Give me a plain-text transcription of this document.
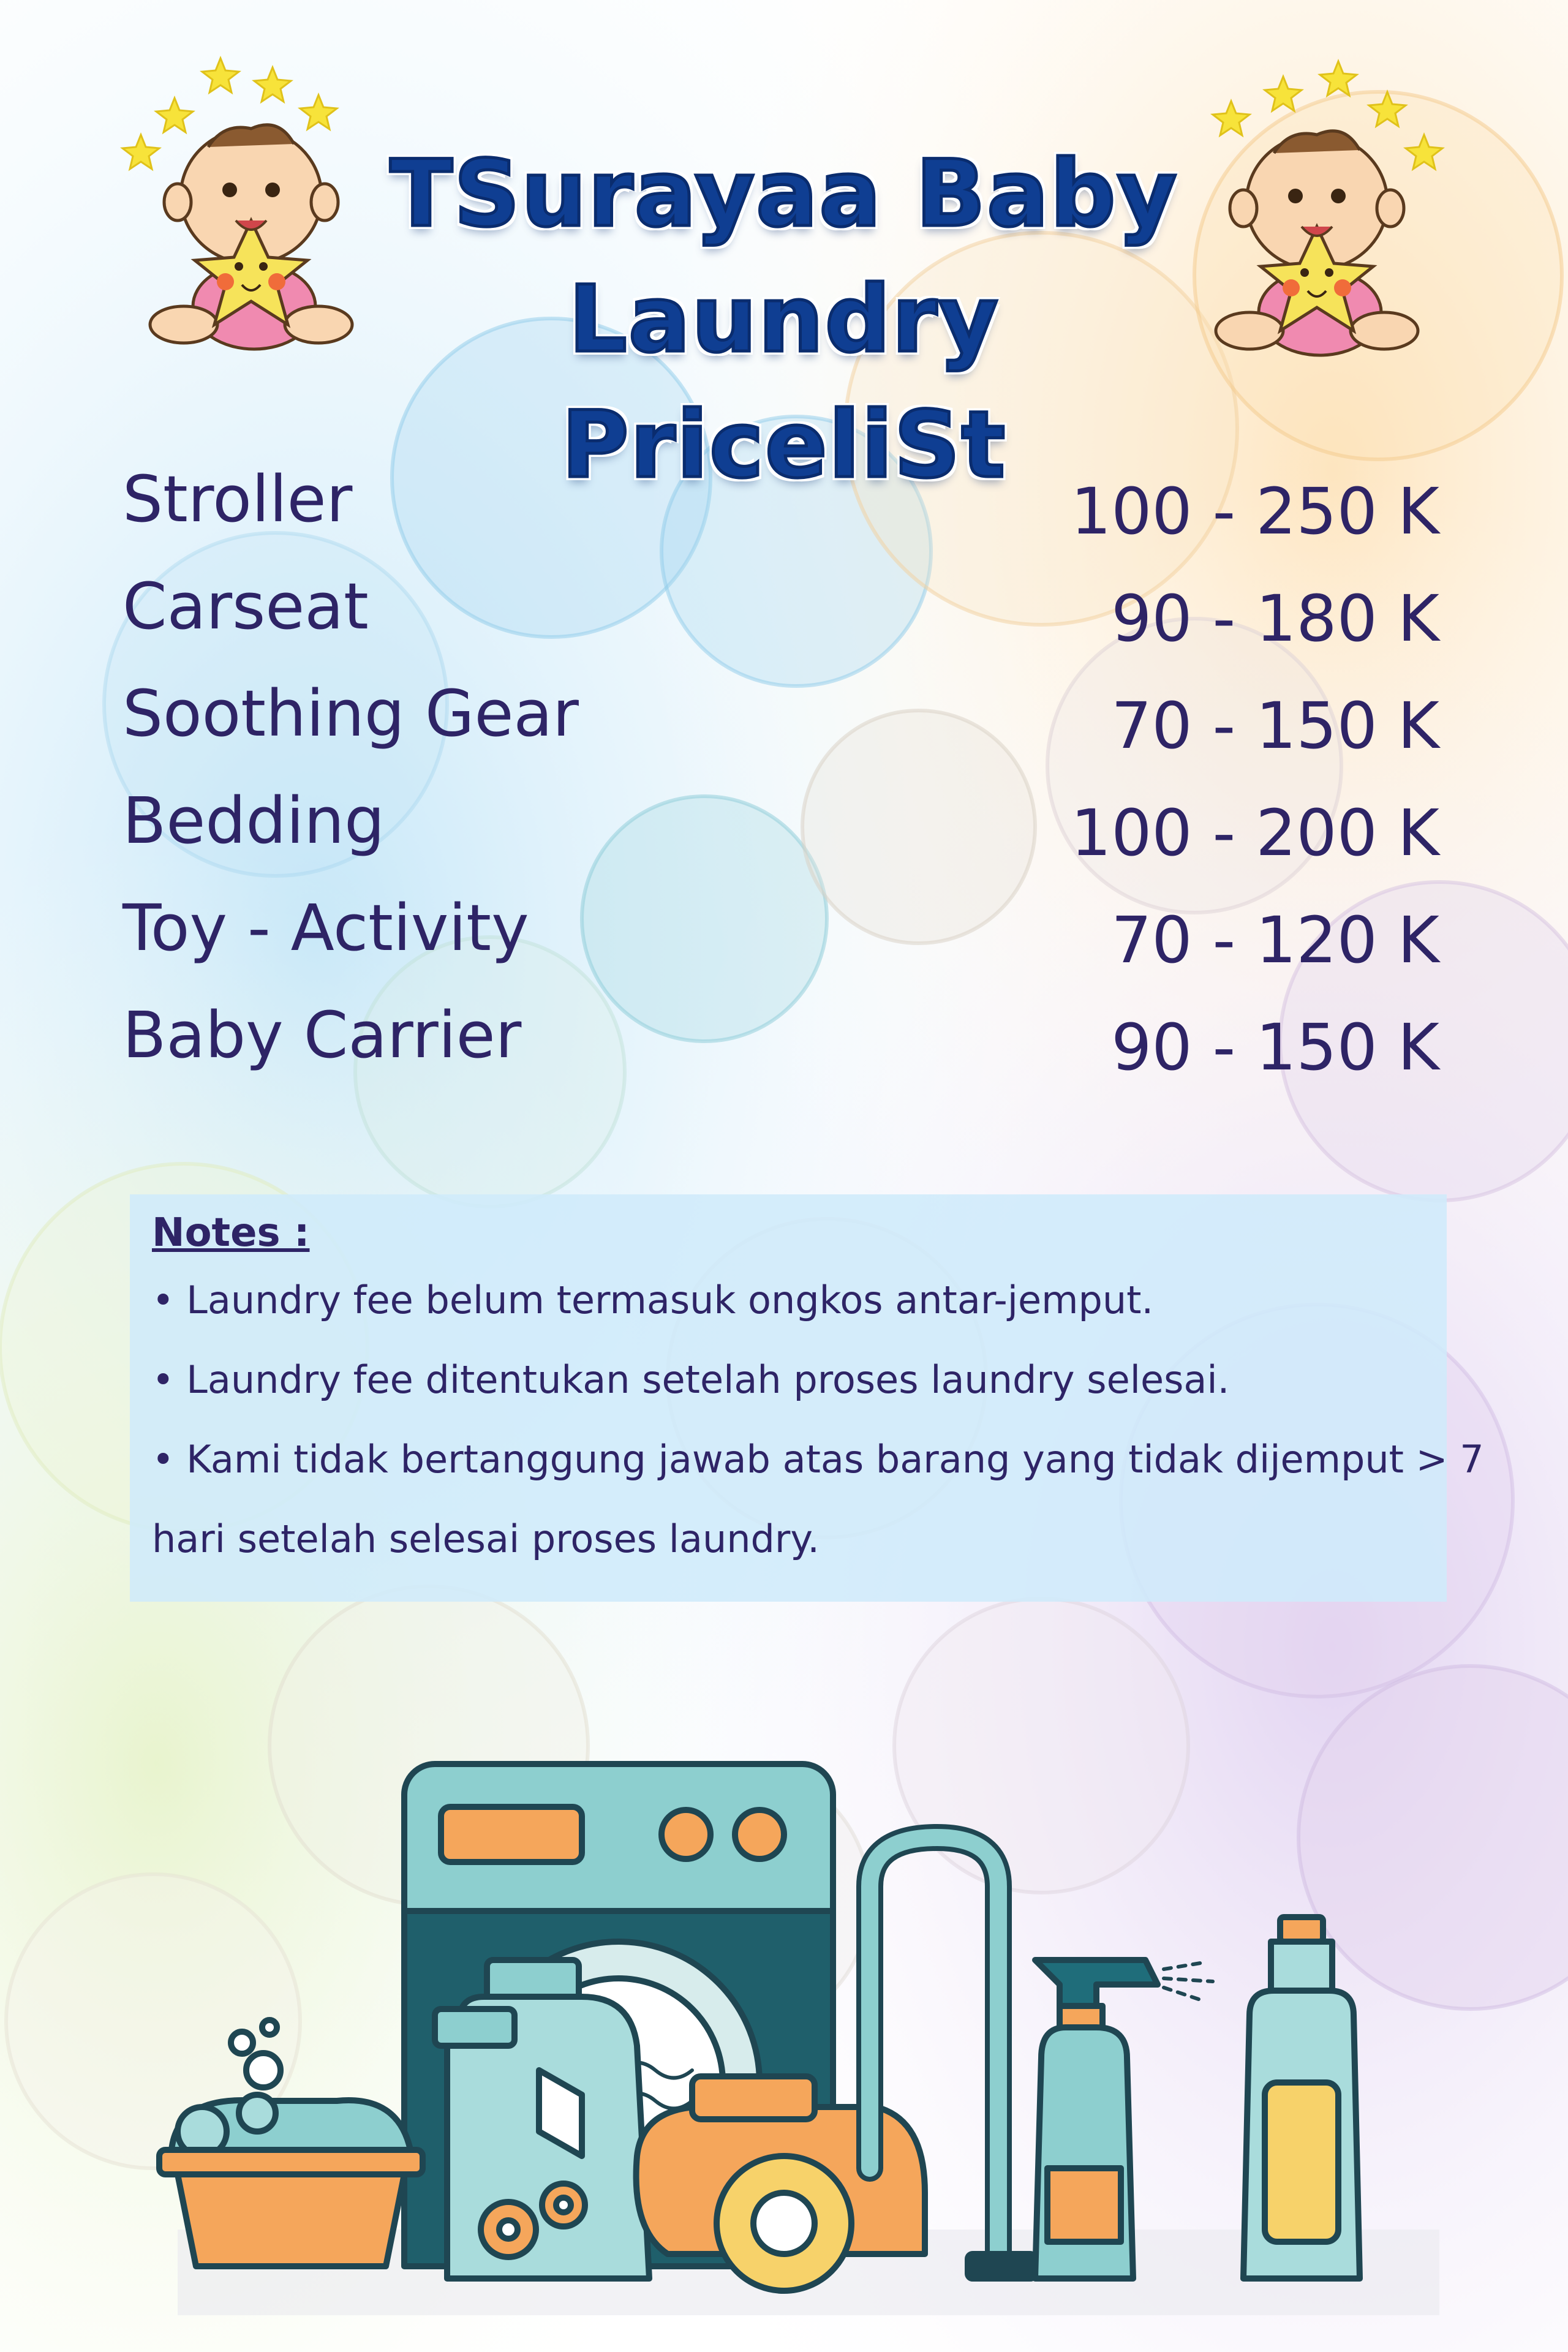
TSurayaa Baby
Laundry PriceliSt
Stroller	100 - 250 K
Carseat	90 - 180 K
Soothing Gear	70 - 150 K
Bedding	100 - 200 K
Toy - Activity	70 - 120 K
Baby Carrier	90 - 150 K
Notes :
• Laundry fee belum termasuk ongkos antar-jemput.
• Laundry fee ditentukan setelah proses laundry selesai.
• Kami tidak bertanggung jawab atas barang yang tidak dijemput > 7
hari setelah selesai proses laundry.
